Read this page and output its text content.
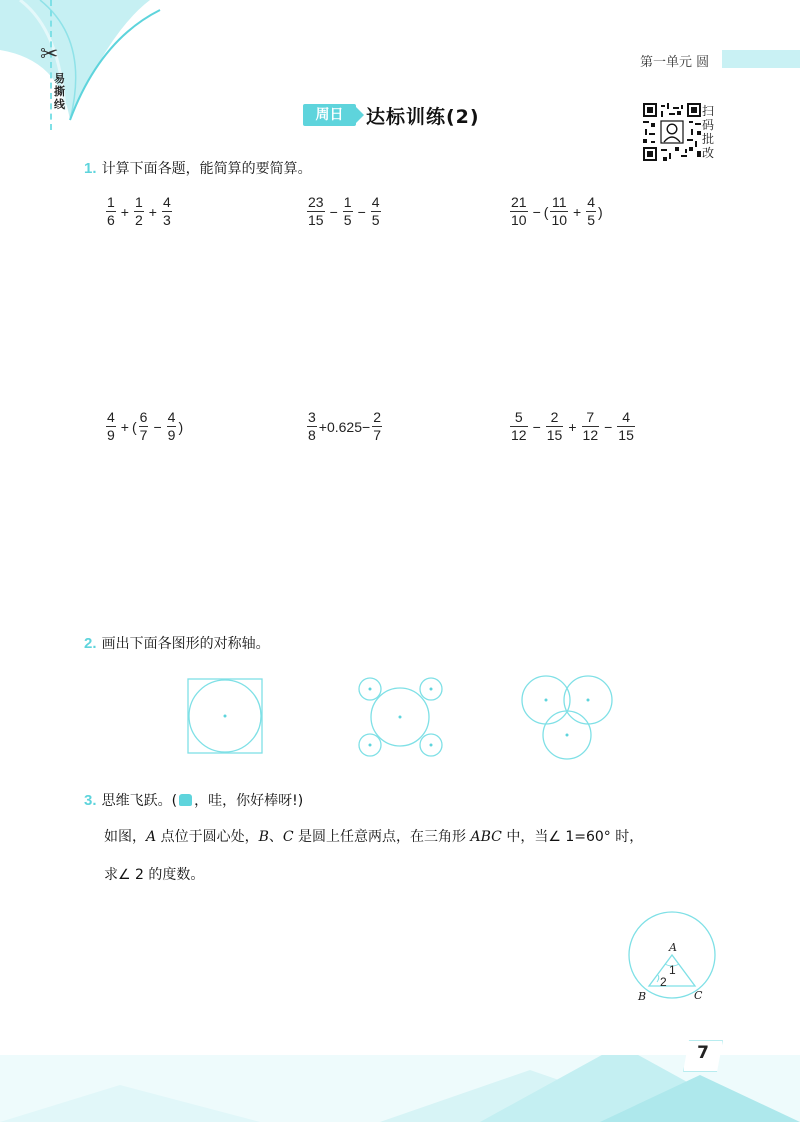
✂
易撕线
第一单元 圆
周日	达标训练(2)	扫码批改
1. 计算下面各题，能简算的要简算。
$\frac{1}{6} + \frac{1}{2} + \frac{4}{3}$	$\frac{23}{15} - \frac{1}{5} - \frac{4}{5}$	$\frac{21}{10}$ − ( $\frac{11}{10} + \frac{4}{5}$ )
$\frac{4}{9}$ + ( $\frac{6}{7} - \frac{4}{9}$ )	$\frac{3}{8} +0.625- \frac{2}{7}$	$\frac{5}{12} - \frac{2}{15} + \frac{7}{12} - \frac{4}{15}$
2. 画出下面各图形的对称轴。
3. 思维飞跃。( ，哇，你好棒呀!)
如图，A 点位于圆心处，B、C 是圆上任意两点，在三角形 ABC 中，当∠ 1=60° 时，
求∠ 2 的度数。
A
1
2
B	C
7
